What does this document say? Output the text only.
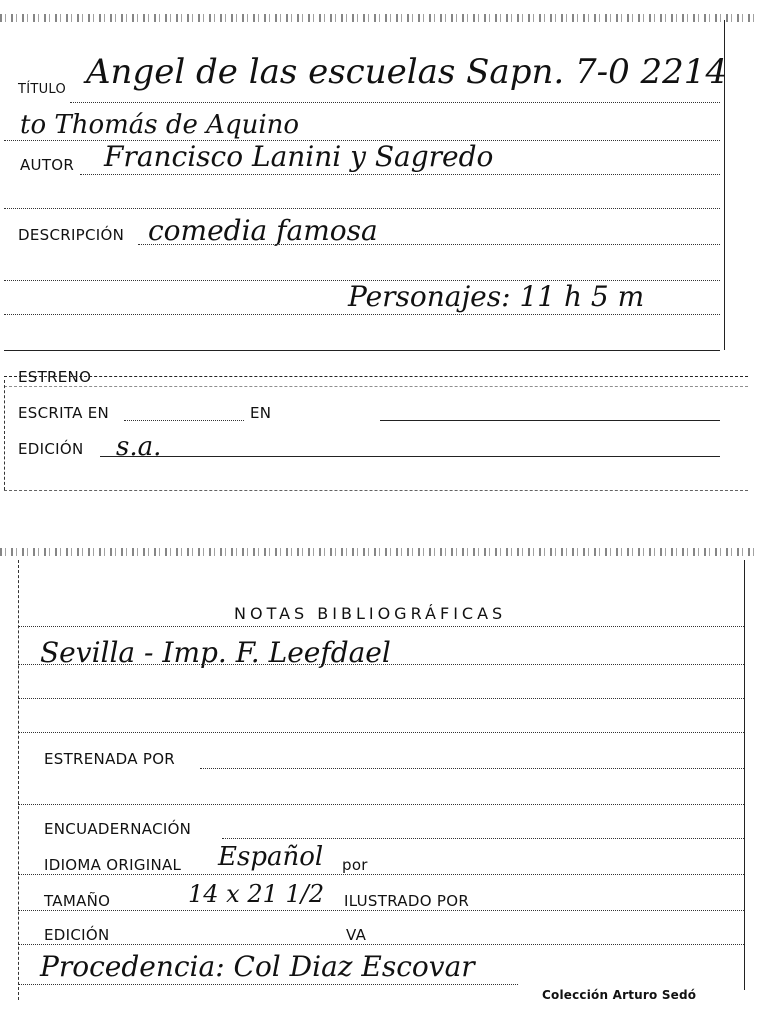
TÍTULO Angel de las escuelas Sapn. 7-0 2214
to Thomás de Aquino
AUTOR Francisco Lanini y Sagredo
DESCRIPCIÓN comedia famosa
Personajes: 11 h 5 m
ESTRENO
ESCRITA EN	EN
EDICIÓN s.a.
NOTAS BIBLIOGRÁFICAS
Sevilla - Imp. F. Leefdael
ESTRENADA POR
ENCUADERNACIÓN
IDIOMA ORIGINAL Español por
TAMAÑO	14 x 21 1/2 ILUSTRADO POR
EDICIÓN	VA
Procedencia: Col Diaz Escovar
Colección Arturo Sedó
